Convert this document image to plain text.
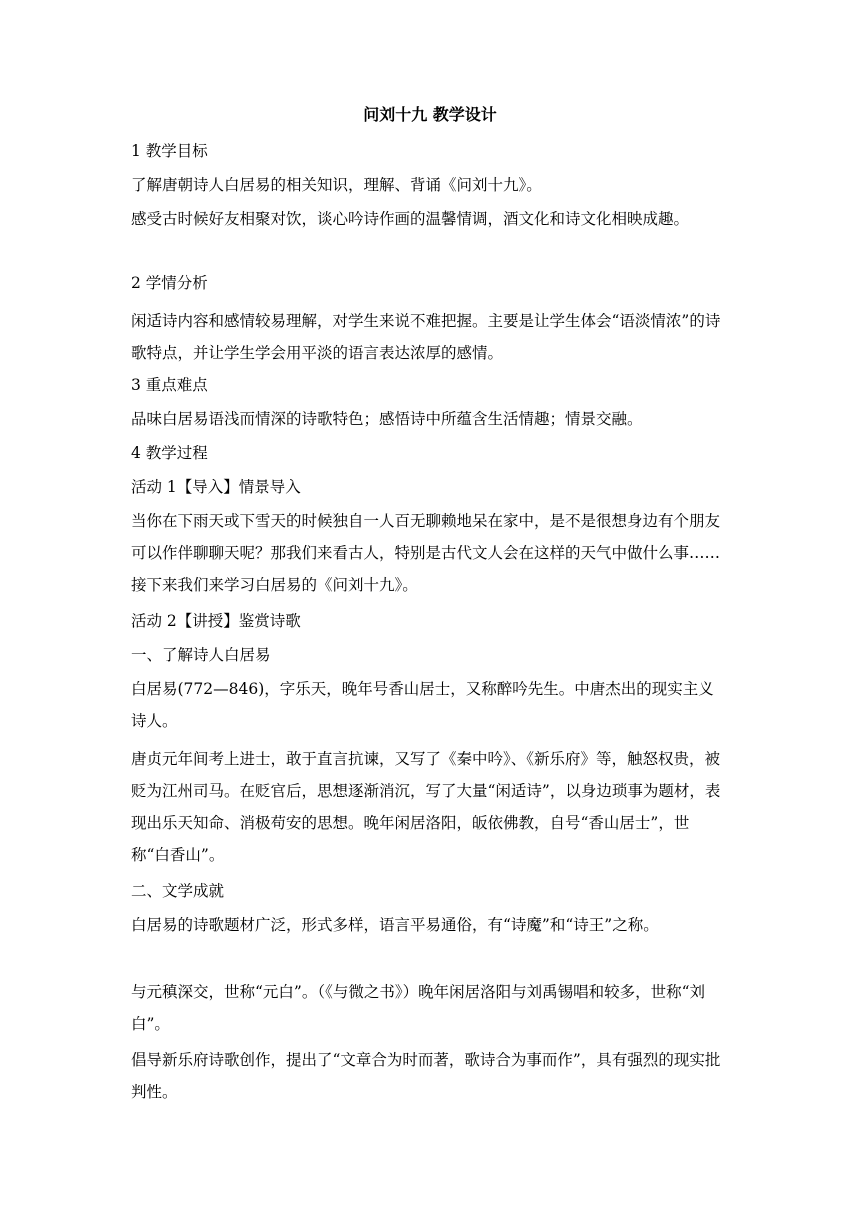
问刘十九 教学设计

1 教学目标

了解唐朝诗人白居易的相关知识，理解、背诵《问刘十九》。

感受古时候好友相聚对饮，谈心吟诗作画的温馨情调，酒文化和诗文化相映成趣。

2 学情分析

闲适诗内容和感情较易理解，对学生来说不难把握。主要是让学生体会“语淡情浓”的诗歌特点，并让学生学会用平淡的语言表达浓厚的感情。

3 重点难点

品味白居易语浅而情深的诗歌特色；感悟诗中所蕴含生活情趣；情景交融。

4 教学过程

活动 1【导入】情景导入

当你在下雨天或下雪天的时候独自一人百无聊赖地呆在家中，是不是很想身边有个朋友可以作伴聊聊天呢？那我们来看古人，特别是古代文人会在这样的天气中做什么事……接下来我们来学习白居易的《问刘十九》。

活动 2【讲授】鉴赏诗歌

一、了解诗人白居易

白居易(772—846)，字乐天，晚年号香山居士，又称醉吟先生。中唐杰出的现实主义诗人。

唐贞元年间考上进士，敢于直言抗谏，又写了《秦中吟》、《新乐府》等，触怒权贵，被贬为江州司马。在贬官后，思想逐渐消沉，写了大量“闲适诗”，以身边琐事为题材，表现出乐天知命、消极苟安的思想。晚年闲居洛阳，皈依佛教，自号“香山居士”，世称“白香山”。

二、文学成就

白居易的诗歌题材广泛，形式多样，语言平易通俗，有“诗魔”和“诗王”之称。

与元稹深交，世称“元白”。（《与微之书》）晚年闲居洛阳与刘禹锡唱和较多，世称“刘白”。

倡导新乐府诗歌创作，提出了“文章合为时而著，歌诗合为事而作”，具有强烈的现实批判性。
